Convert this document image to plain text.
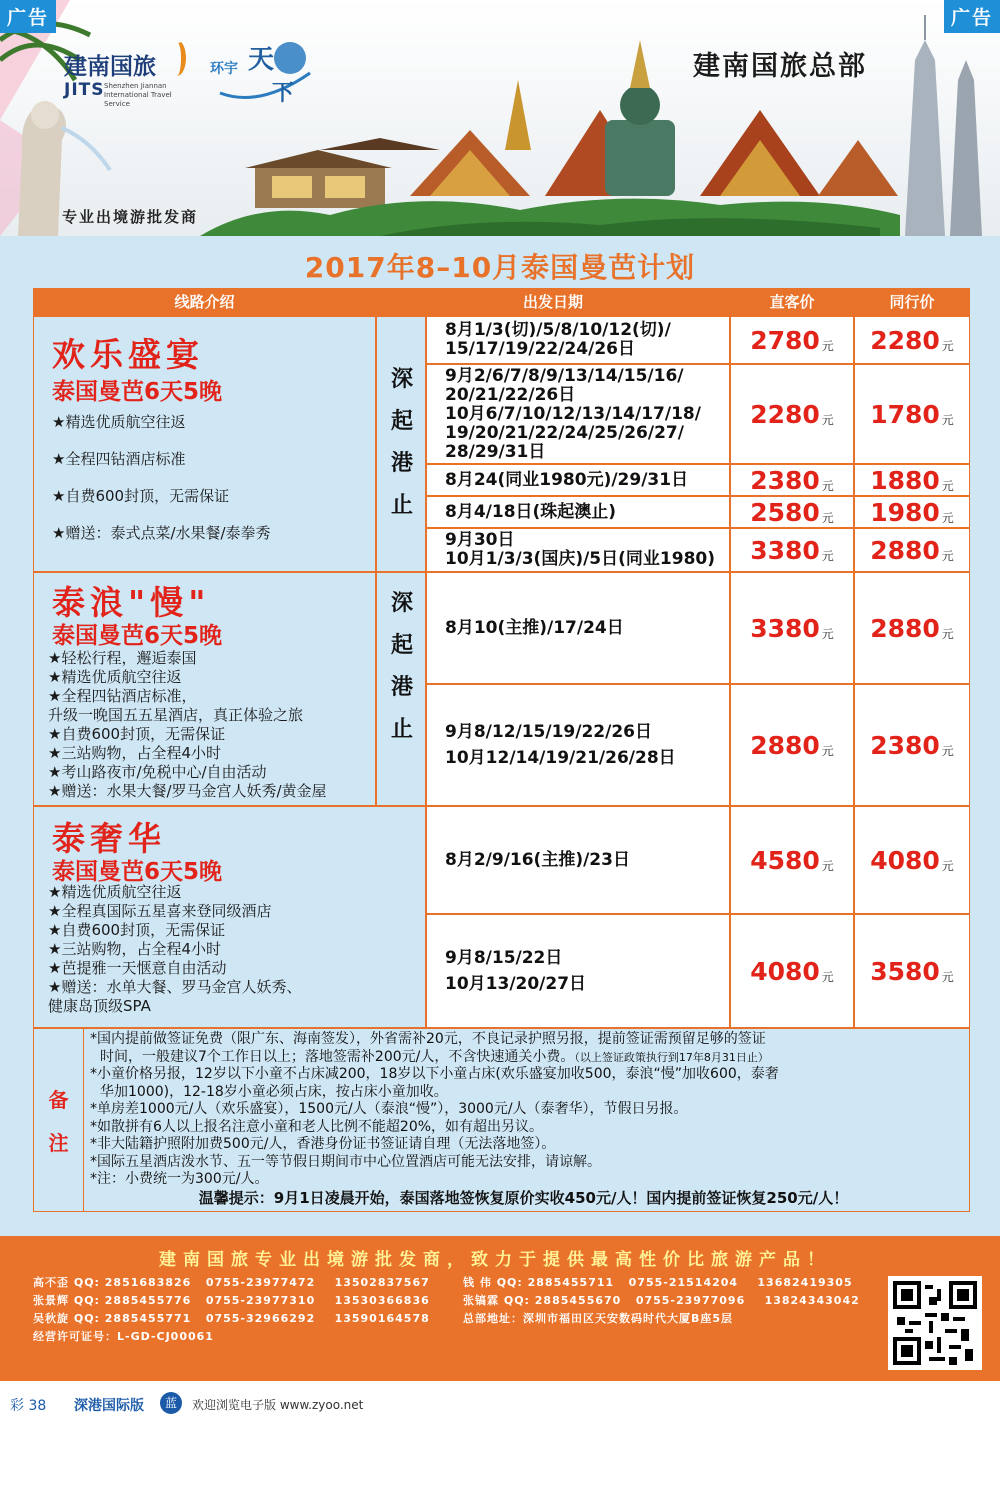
建南国旅
JITS Shenzhen Jiannan International Travel Service
环宇 天
下
建南国旅总部
专业出境游批发商
广告	广告
2017年8–10月泰国曼芭计划
线路介绍	出发日期	直客价	同行价
欢乐盛宴
泰国曼芭6天5晚
★精选优质航空往返
★全程四钻酒店标准
★自费600封顶，无需保证
★赠送：泰式点菜/水果餐/泰拳秀
深
起
港
止
8月1/3(切)/5/8/10/12(切)/
15/17/19/22/24/26日	2780 元 2280 元
9月2/6/7/8/9/13/14/15/16/
20/21/22/26日
10月6/7/10/12/13/14/17/18/
19/20/21/22/24/25/26/27/
28/29/31日
2280 元 1780 元
8月24(同业1980元)/29/31日 2380 元 1880 元
8月4/18日(珠起澳止)	2580 元 1980 元
9月30日
10月1/3/3(国庆)/5日(同业1980) 3380 元 2880 元
泰浪"慢"
泰国曼芭6天5晚
★轻松行程，邂逅泰国
★精选优质航空往返
★全程四钻酒店标准，
升级一晚国五五星酒店，真正体验之旅
★自费600封顶，无需保证
★三站购物，占全程4小时
★考山路夜市/免税中心/自由活动
★赠送：水果大餐/罗马金宫人妖秀/黄金屋
深
起
港
止
8月10(主推)/17/24日	3380 元 2880 元
9月8/12/15/19/22/26日
10月12/14/19/21/26/28日	2880 元 2380 元
泰奢华
泰国曼芭6天5晚
★精选优质航空往返
★全程真国际五星喜来登同级酒店
★自费600封顶，无需保证
★三站购物，占全程4小时
★芭提雅一天惬意自由活动
★赠送：水单大餐、罗马金宫人妖秀、
健康岛顶级SPA
8月2/9/16(主推)/23日	4580 元 4080 元
9月8/15/22日
10月13/20/27日	4080 元 3580 元
备
注
*国内提前做签证免费（限广东、海南签发），外省需补20元，不良记录护照另报，提前签证需预留足够的签证
时间，一般建议7个工作日以上；落地签需补200元/人，不含快速通关小费。（以上签证政策执行到17年8月31日止）
*小童价格另报，12岁以下小童不占床减200，18岁以下小童占床(欢乐盛宴加收500，泰浪“慢”加收600，泰奢
华加1000)，12-18岁小童必须占床，按占床小童加收。
*单房差1000元/人（欢乐盛宴），1500元/人（泰浪“慢”），3000元/人（泰奢华），节假日另报。
*如散拼有6人以上报名注意小童和老人比例不能超20%，如有超出另议。
*非大陆籍护照附加费500元/人，香港身份证书签证请自理（无法落地签）。
*国际五星酒店泼水节、五一等节假日期间市中心位置酒店可能无法安排，请谅解。
*注：小费统一为300元/人。
温馨提示：9月1日凌晨开始，泰国落地签恢复原价实收450元/人！国内提前签证恢复250元/人！
建南国旅专业出境游批发商，致力于提供最高性价比旅游产品！
高不歪 QQ: 2851683826 0755-23977472 13502837567
张景辉 QQ: 2885455776 0755-23977310 13530366836
吴秋旋 QQ: 2885455771 0755-32966292 13590164578
经营许可证号：L-GD-CJ00061
钱 伟 QQ: 2885455711 0755-21514204 13682419305
张镐霖 QQ: 2885455670 0755-23977096 13824343042
总部地址：深圳市福田区天安数码时代大厦B座5层
彩 38 深港国际版	蓝	欢迎浏览电子版 www.zyoo.net
